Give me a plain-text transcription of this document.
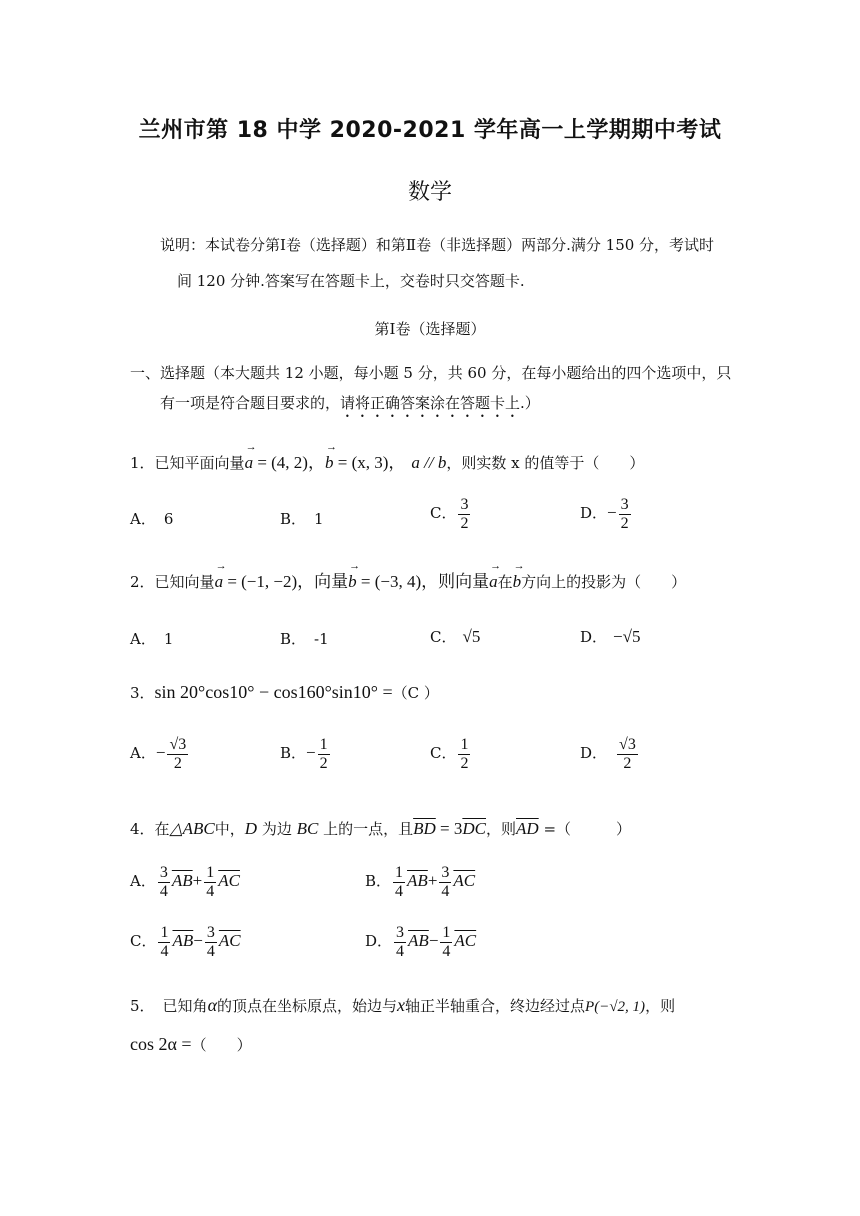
兰州市第 18 中学 2020-2021 学年高一上学期期中考试
数学
说明：本试卷分第Ⅰ卷（选择题）和第Ⅱ卷（非选择题）两部分.满分 150 分，考试时
间 120 分钟.答案写在答题卡上，交卷时只交答题卡.
第Ⅰ卷（选择题）
一、选择题（本大题共 12 小题，每小题 5 分，共 60 分，在每小题给出的四个选项中，只
有一项是符合题目要求的，请将正确答案涂在答题卡上.）
1．已知平面向量→ a = (4, 2)，→ b = (x, 3)， a // b，则实数 x 的值等于（　　）
A． 6	B． 1	C． $\frac{3}{2}$	D．− $\frac{3}{2}$
2．已知向量→ a = (−1, −2)，向量→ b = (−3, 4)，则向量→ a在→ b方向上的投影为（　　）
A． 1	B． -1	C． √5	D． −√5
3．sin 20°cos10° − cos160°sin10° =（C ）
A．− $\frac{√3}{2}$	B．− $\frac{1}{2}$	C． $\frac{1}{2}$	D． $\frac{√3}{2}$
4．在△ABC中，D 为边 BC 上的一点，且$\overline{BD} = 3\overline{DC}$，则$\overline{AD}$ =（　　　）
A． $\frac{3}{4} \overline{AB}+ \frac{1}{4} \overline{AC}$	B． $\frac{1}{4} \overline{AB}+ \frac{3}{4} \overline{AC}$
C． $\frac{1}{4} \overline{AB}- \frac{3}{4} \overline{AC}$	D． $\frac{3}{4} \overline{AB}- \frac{1}{4} \overline{AC}$
5． 已知角α的顶点在坐标原点，始边与x轴正半轴重合，终边经过点P(−√2, 1)，则
cos 2α =（　　）
